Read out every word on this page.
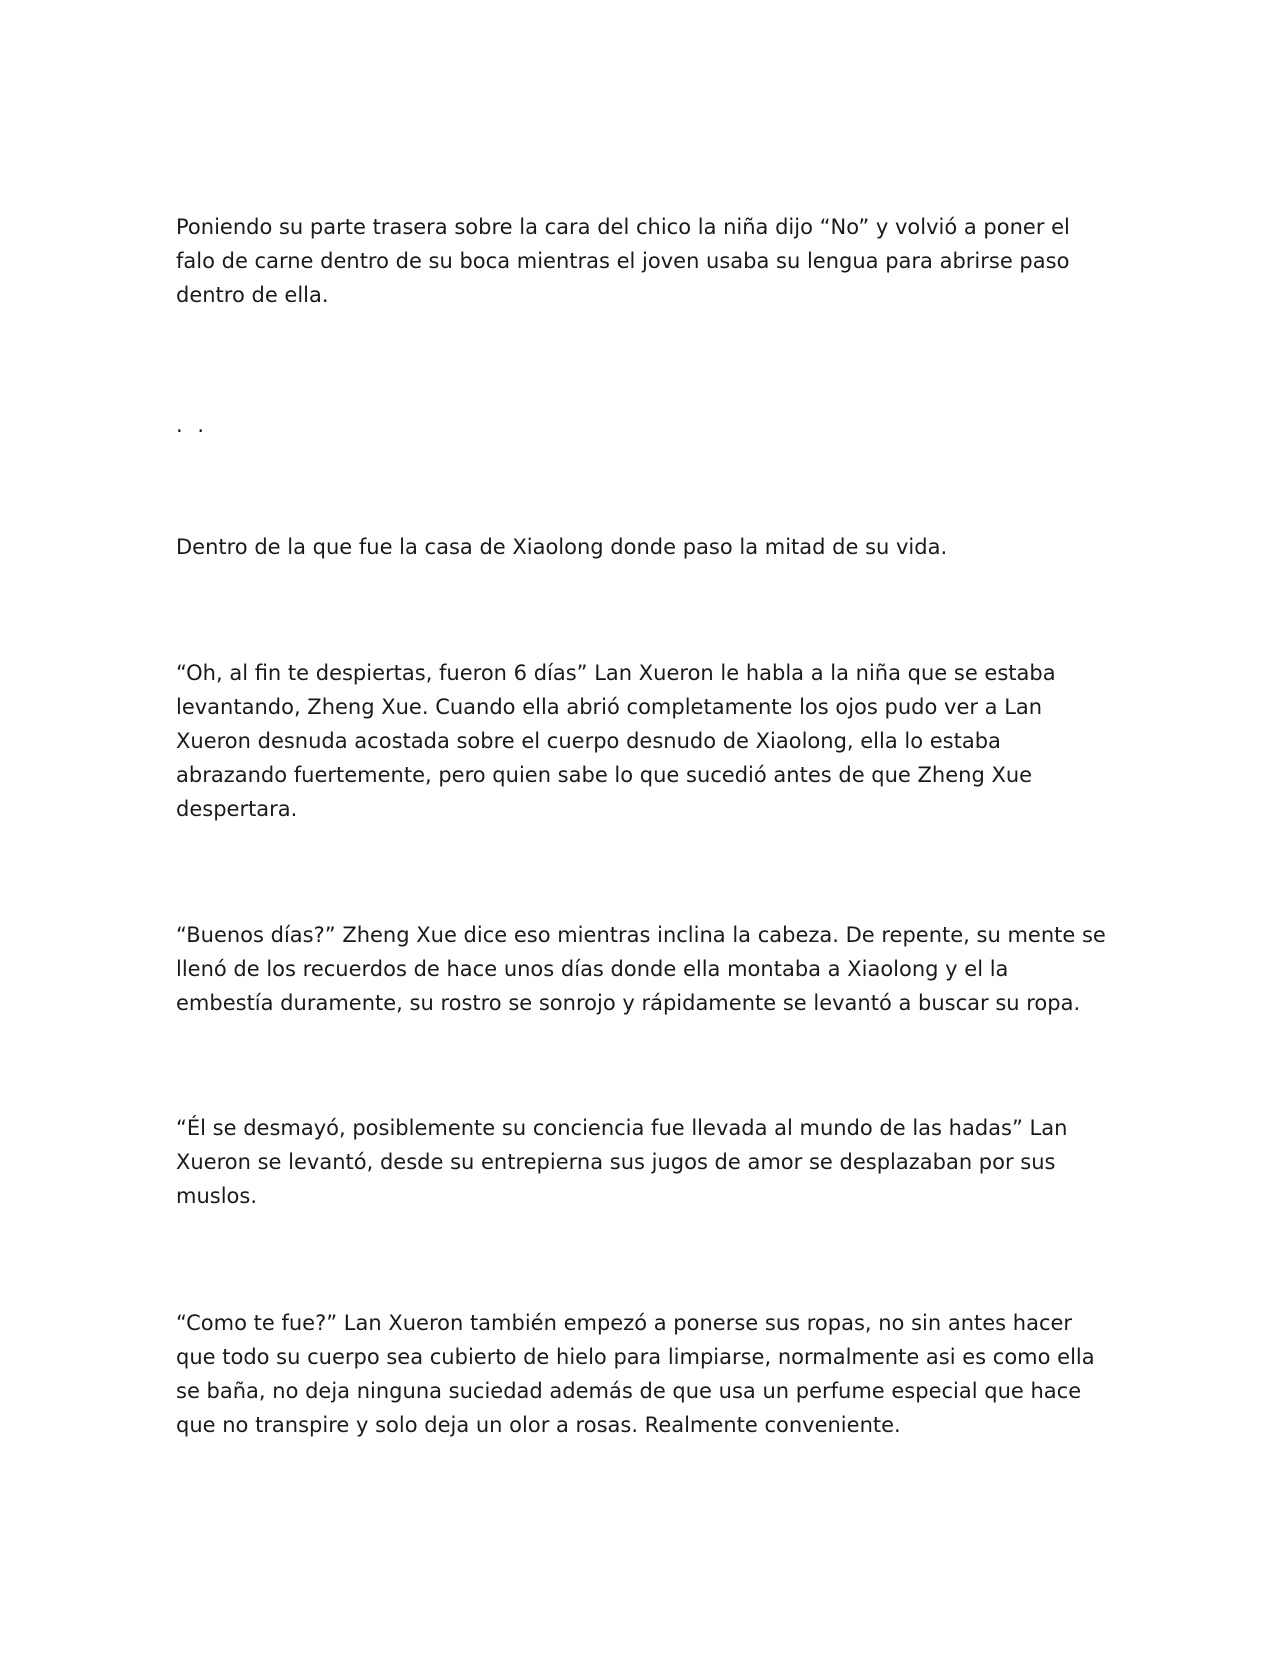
Poniendo su parte trasera sobre la cara del chico la niña dijo “No” y volvió a poner el falo de carne dentro de su boca mientras el joven usaba su lengua para abrirse paso dentro de ella.

. .

Dentro de la que fue la casa de Xiaolong donde paso la mitad de su vida.

“Oh, al fin te despiertas, fueron 6 días” Lan Xueron le habla a la niña que se estaba levantando, Zheng Xue. Cuando ella abrió completamente los ojos pudo ver a Lan Xueron desnuda acostada sobre el cuerpo desnudo de Xiaolong, ella lo estaba abrazando fuertemente, pero quien sabe lo que sucedió antes de que Zheng Xue despertara.

“Buenos días?” Zheng Xue dice eso mientras inclina la cabeza. De repente, su mente se llenó de los recuerdos de hace unos días donde ella montaba a Xiaolong y el la embestía duramente, su rostro se sonrojo y rápidamente se levantó a buscar su ropa.

“Él se desmayó, posiblemente su conciencia fue llevada al mundo de las hadas” Lan Xueron se levantó, desde su entrepierna sus jugos de amor se desplazaban por sus muslos.

“Como te fue?” Lan Xueron también empezó a ponerse sus ropas, no sin antes hacer que todo su cuerpo sea cubierto de hielo para limpiarse, normalmente asi es como ella se baña, no deja ninguna suciedad además de que usa un perfume especial que hace que no transpire y solo deja un olor a rosas. Realmente conveniente.
